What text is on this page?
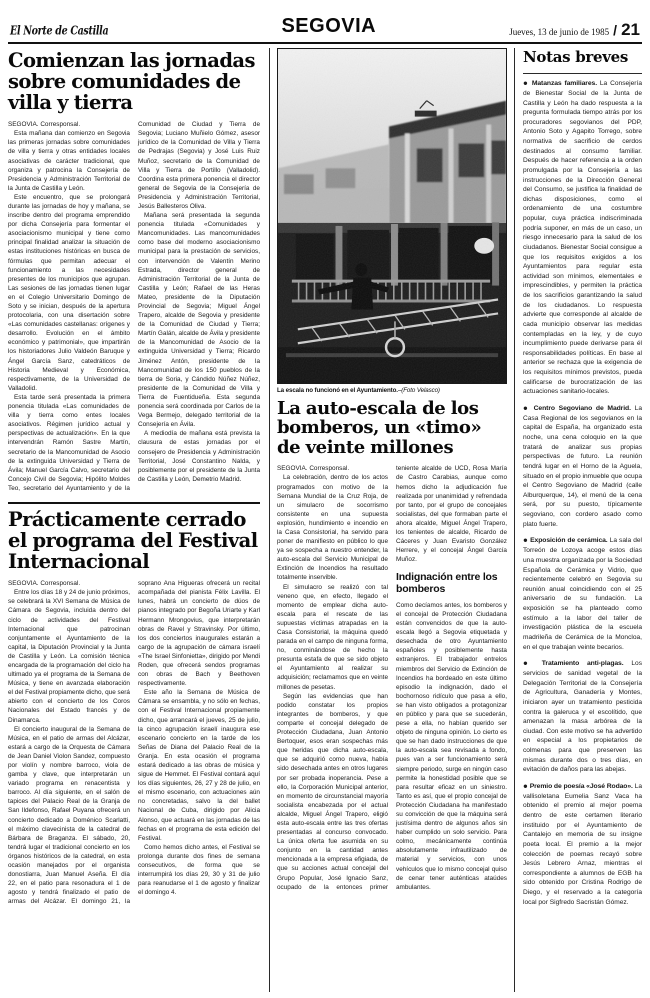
El Norte de Castilla	SEGOVIA	Jueves, 13 de junio de 1985 / 21
Comienzan las jornadas sobre comunidades de villa y tierra

SEGOVIA. Corresponsal.

Esta mañana dan comienzo en Segovia las primeras jornadas sobre comunidades de villa y tierra y otras entidades locales asociativas de carácter tradicional, que organiza y patrocina la Consejería de Presidencia y Administración Territorial de la Junta de Castilla y León.

Este encuentro, que se prolongará durante las jornadas de hoy y mañana, se inscribe dentro del programa emprendido por dicha Consejería para formentar el asociacionismo municipal y tiene como principal finalidad analizar la situación de estas instituciones históricas en busca de fórmulas que permitan adecuar el funcionamiento a las necesidades presentes de los municipios que agrupan. Las sesiones de las jornadas tienen lugar en el Colegio Universitario Domingo de Soto y se inician, después de la apertura protocolaria, con una disertación sobre «Las comunidades castellanas: orígenes y desarrollo. Evolución en el ámbito económico y patrimonial», que impartirán los historiadores Julio Valdeón Baruque y Ángel García Sanz, catedráticos de Historia Medieval y Económica, respectivamente, de la Universidad de Valladolid.

Esta tarde será presentada la primera ponencia titulada «Las comunidades de villa y tierra como entes locales asociativos. Régimen jurídico actual y perspectivas de actualización». En la que intervendrán Ramón Sastre Martín, secretario de la Mancomunidad de Asocio de la extinguida Universidad y Tierra de Ávila; Manuel García Calvo, secretario del Concejo Civil de Segovia; Hipólito Moldes Teo, secretario del Ayuntamiento y de la Comunidad de Ciudad y Tierra de Segovia; Luciano Muñielo Gómez, asesor jurídico de la Comunidad de Villa y Tierra de Pedrajas (Segovia) y José Luis Ruiz Muñoz, secretario de la Comunidad de Villa y Tierra de Portillo (Valladolid). Coordina esta primera ponencia el director general de Segovia de la Consejería de Presidencia y Administración Territorial, Jesús Ballesteros Oliva.

Mañana será presentada la segunda ponencia titulada «Comunidades y Mancomunidades. Las mancomunidades como base del moderno asociacionismo municipal para la prestación de servicios, con intervención de Valentín Merino Estrada, director general de Administración Territorial de la Junta de Castilla y León; Rafael de las Heras Mateo, presidente de la Diputación Provincial de Segovia; Miguel Ángel Trapero, alcalde de Segovia y presidente de la Comunidad de Ciudad y Tierra; Martín Galán, alcalde de Ávila y presidente de la Mancomunidad de Asocio de la extinguida Universidad y Tierra; Ricardo Jiménez Antón, presidente de la Mancomunidad de los 150 pueblos de la tierra de Soria, y Cándido Núñez Núñez, presidente de la Comunidad de Villa y Tierra de Fuentidueña. Esta segunda ponencia será coordinada por Carlos de la Vega Bermejo, delegado territorial de la Consejería en Ávila.

A mediodía de mañana está prevista la clausura de estas jornadas por el consejero de Presidencia y Administración Territorial, José Constantino Nalda, y posiblemente por el presidente de la Junta de Castilla y León, Demetrio Madrid.

Prácticamente cerrado el programa del Festival Internacional

SEGOVIA. Corresponsal.

Entre los días 18 y 24 de junio próximos, se celebrará la XVI Semana de Música de Cámara de Segovia, incluida dentro del ciclo de actividades del Festival Internacional que patrocinan conjuntamente el Ayuntamiento de la capital, la Diputación Provincial y la Junta de Castilla y León. La comisión técnica encargada de la programación del ciclo ha ultimado ya el programa de la Semana de Música, y tiene en avanzada elaboración el del Festival propiamente dicho, que será abierto con el concierto de los Coros Nacionales del Estado francés y de Dinamarca.

El concierto inaugural de la Semana de Música, en el patio de armas del Alcázar, estará a cargo de la Orquesta de Cámara de Jean Daniel Violon Sandez, compuesto por violín y nombre barroco, viola de gamba y clave, que interpretarán un variado programa en renacentista y barroco. Al día siguiente, en el salón de tapices del Palacio Real de la Granja de San Ildefonso, Rafael Puyana ofrecerá un concierto dedicado a Doménico Scarlatti, el máximo clavecinista de la catedral de Bárbara de Braganza. El sábado, 20, tendrá lugar el tradicional concierto en los órganos históricos de la catedral, en esta ocasión manejados por el organista donostiarra, Juan Manuel Aseña. El día 22, en el patio para resonadura el 1 de agosto y tendrá finalizado el patio de armas del Alcázar. El domingo 21, la soprano Ana Higueras ofrecerá un recital acompañada del pianista Félix Lavilla. El lunes, habrá un concierto de dúos de pianos integrado por Begoña Uriarte y Karl Hermann Mrongovius, que interpretarán obras de Ravel y Stravinsky. Por último, los dos conciertos inaugurales estarán a cargo de la agrupación de cámara israelí «The Israel Sinfonietta», dirigido por Mendi Roden, que ofrecerá sendos programas con obras de Bach y Beethoven respectivamente.

Este año la Semana de Música de Cámara se ensambla, y no sólo en fechas, con el Festival Internacional propiamente dicho, que arrancará el jueves, 25 de julio, la cinco agrupación israelí inaugura ese escenario concierto en la tarde de los Señas de Diana del Palacio Real de la Granja. En esta ocasión el programa estará dedicado a las obras de música y sigue de Hemmet. El Festival contará aquí los días siguientes, 26, 27 y 28 de julio, en el mismo escenario, con actuaciones aún no concretadas, salvo la del ballet Nacional de Cuba, dirigido por Alicia Alonso, que actuará en las jornadas de las fechas en el programa de esta edición del Festival.

Como hemos dicho antes, el Festival se prolonga durante dos fines de semana consecutivos, de forma que se interrumpirá los días 29, 30 y 31 de julio para reanudarse el 1 de agosto y finalizar el domingo 4.

La escala no funcionó en el Ayuntamiento.–(Foto Velasco)

La auto-escala de los bomberos, un «timo» de veinte millones

SEGOVIA. Corresponsal.

La celebración, dentro de los actos programados con motivo de la Semana Mundial de la Cruz Roja, de un simulacro de socorrismo consistente en una supuesta explosión, hundimiento e incendio en la Casa Consistorial, ha servido para poner de manifiesto en público lo que ya se sospecha a nuestro entender, la auto-escala del Servicio Municipal de Extinción de Incendios ha resultado totalmente inservible.

El simulacro se realizó con tal veneno que, en efecto, llegado el momento de emplear dicha auto-escala para el rescate de las supuestas víctimas atrapadas en la Casa Consistorial, la máquina quedó parada en el campo de ninguna forma, no, conminándose de hecho la presunta estafa de que se sido objeto el Ayuntamiento al realizar su adquisición; reclamamos que en veinte millones de pesetas.

Según las evidencias que han podido constatar los propios integrantes de bomberos, y que comparte el concejal delegado de Protección Ciudadana, Juan Antonio Bertoquer, esos eran sospechas más que heridas que dicha auto-escala, que se adquirió como nueva, había sido desechada antes en otros lugares por ser probada inoperancia. Pese a ello, la Corporación Municipal anterior, en momento de circunstancial mayoría socialista encabezada por el actual alcalde, Miguel Ángel Trapero, eligió esta auto-escala entre las tres ofertas presentadas al concurso convocado. La única oferta fue asumida en su conjunto en la cantidad antes mencionada a la empresa efigiada, de que su acciones actual concejal del Grupo Popular, José Ignacio Sanz, ocupado de la entonces primer teniente alcalde de UCD, Rosa María de Castro Carabias, aunque como hemos dicho la adjudicación fue realizada por unanimidad y refrendada por tanto, por el grupo de concejales socialistas, del que formaban parte el ahora alcalde, Miguel Ángel Trapero, los tenientes de alcalde, Ricardo de Cáceres y Juan Evaristo González Herrere, y el concejal Ángel García Muñoz.

Indignación entre los bomberos

Como decíamos antes, los bomberos y el concejal de Protección Ciudadana están convencidos de que la auto-escala llegó a Segovia etiquetada y desechada de otro Ayuntamiento españoles y posiblemente hasta extranjeros. El trabajador entrelos miembros del Servicio de Extinción de Incendios ha bordeado en este último episodio la indignación, dado el bochornoso ridículo que pasa a ello, se han visto obligados a protagonizar en público y para que se sucederán, pese a ella, no habían querido ser objeto de ninguna opinión. Lo cierto es que se han dado instrucciones de que la auto-escala sea revisada a fondo, pues van a ser funcionamiento será siempre periodo, surge en ningún caso permite la honestidad posible que se para resultar eficaz en un siniestro. Tanto es así, que el propio concejal de Protección Ciudadana ha manifestado su convicción de que la máquina será justísima dentro de algunos años sin haber cumplido un solo servicio. Para colmo, mecánicamente continúa absolutamente infrautilizado de material y servicios, con unos vehículos que lo mismo concejal quiso de cenar tener auténticas ataúdes ambulantes.

Notas breves

● Matanzas familiares. La Consejería de Bienestar Social de la Junta de Castilla y León ha dado respuesta a la pregunta formulada tiempo atrás por los procuradores segovianos del PDP, Antonio Soto y Agapito Torrego, sobre normativa de sacrificio de cerdos destinados al consumo familiar. Después de hacer referencia a la orden promulgada por la Consejería a las instrucciones de la Dirección General del Consumo, se justifica la finalidad de dichas disposiciones, como el ordenamiento de una costumbre popular, cuya práctica indiscriminada podría suponer, en más de un caso, un riesgo innecesario para la salud de los ciudadanos. Bienestar Social consigue a que los requisitos exigidos a los Ayuntamientos para regular esta actividad son mínimos, elementales e imprescindibles, y permiten la práctica de los sacrificios garantizando la salud de los ciudadanos. Lo respuesta advierte que corresponde al alcalde de cada municipio observar las medidas contempladas en la ley, y de cuyo incumplimiento puede derivarse para él responsabilidades políticas. En base al anterior se rechaza que la exigencia de los requisitos mínimos previstos, pueda calificarse de burocratización de las actuaciones sanitario-locales.

● Centro Segoviano de Madrid. La Casa Regional de los segovianos en la capital de España, ha organizado esta noche, una cena coloquio en la que tratará de analizar sus propias perspectivas de futuro. La reunión tendrá lugar en el Horno de la Aguela, situado en el propio inmueble que ocupa el Centro Segoviano de Madrid (calle Alburquerque, 14), el menú de la cena será, por su puesto, típicamente segoviano, con cordero asado como plato fuerte.

● Exposición de cerámica. La sala del Torreón de Lozoya acoge estos días una muestra organizada por la Sociedad Española de Cerámica y Vidrio, que recientemente celebró en Segovia su reunión anual coincidiendo con el 25 aniversario de su fundación. La exposición se ha planteado como estímulo a la labor del taller de investigación plástica de la escuela madrileña de Cerámica de la Moncloa, en el que trabajan veinte becarios.

● Tratamiento anti-plagas. Los servicios de sanidad vegetal de la Delegación Territorial de la Consejería de Agricultura, Ganadería y Montes, iniciaron ayer un tratamiento pesticida contra la galeruca y el escolítido, que amenazan la masa arbórea de la ciudad. Con este motivo se ha advertido en especial a los propietarios de colmenas para que preserven las mismas durante dos o tres días, en evitación de daños para las abejas.

● Premio de poesía «José Rodao». La vallisoletana Eumelia Sanz Vaca ha obtenido el premio al mejor poema dentro de este certamen literario instituido por el Ayuntamiento de Cantalejo en memoria de su insigne poeta local. El premio a la mejor colección de poemas recayó sobre Jesús Lebrero Arnaz, mientras el correspondiente a alumnos de EGB ha sido obtenido por Cristina Rodrigo de Diego, y el reservado a la categoría local por Sigfredo Sacristán Gómez.
